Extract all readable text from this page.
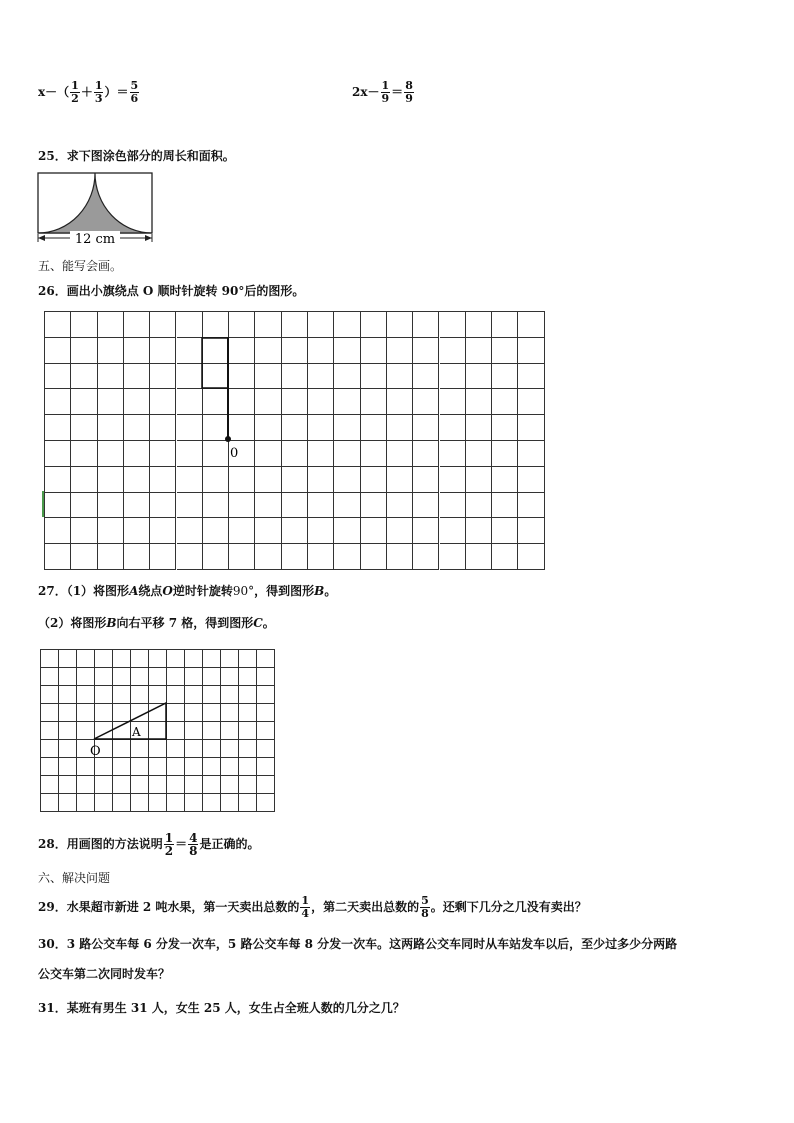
$x-( \frac{1}{2} + \frac{1}{3}$ ）＝ $\frac{5}{6}$	$2x- \frac{1}{9} = \frac{8}{9}$
25．求下图涂色部分的周长和面积。
12 cm
五、能写会画。
26．画出小旗绕点 O 顺时针旋转 90°后的图形。
0
27．（1）将图形A绕点O逆时针旋转90°，得到图形B。
（2）将图形B向右平移 7 格，得到图形C。
A
O
28．用画图的方法说明 $\frac{1}{2} = \frac{4}{8}$ 是正确的。
六、解决问题
29．水果超市新进 2 吨水果，第一天卖出总数的 $\frac{1}{4}$ ，第二天卖出总数的 $\frac{5}{8}$ 。还剩下几分之几没有卖出？
30．3 路公交车每 6 分发一次车，5 路公交车每 8 分发一次车。这两路公交车同时从车站发车以后，至少过多少分两路
公交车第二次同时发车？
31．某班有男生 31 人，女生 25 人，女生占全班人数的几分之几？
